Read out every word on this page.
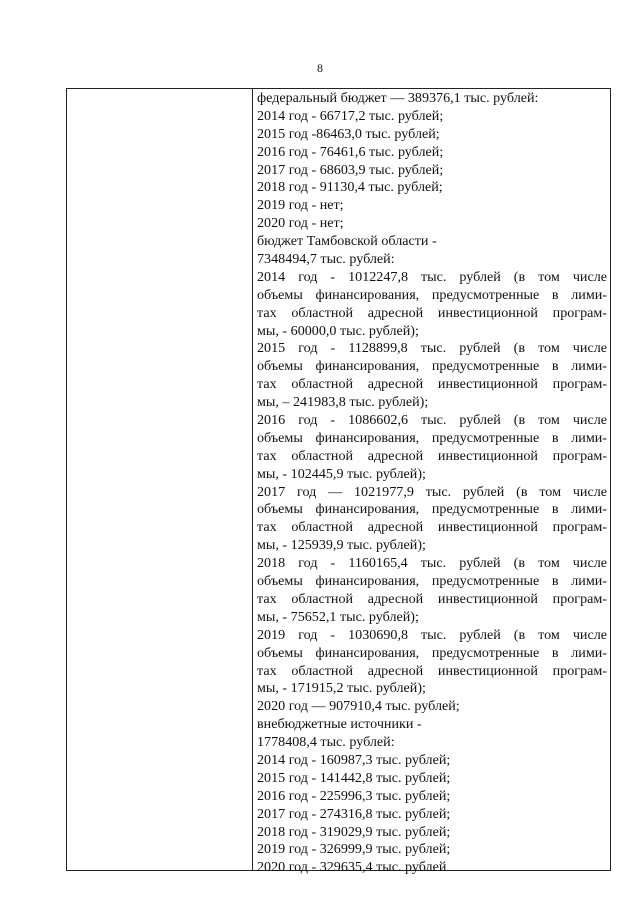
8
федеральный бюджет — 389376,1 тыс. рублей:
2014 год - 66717,2 тыс. рублей;
2015 год -86463,0 тыс. рублей;
2016 год - 76461,6 тыс. рублей;
2017 год - 68603,9 тыс. рублей;
2018 год - 91130,4 тыс. рублей;
2019 год - нет;
2020 год - нет;
бюджет Тамбовской области -
7348494,7 тыс. рублей:
2014 год - 1012247,8 тыс. рублей (в том числе
объемы финансирования, предусмотренные в лими-
тах областной адресной инвестиционной програм-
мы, - 60000,0 тыс. рублей);
2015 год - 1128899,8 тыс. рублей (в том числе
объемы финансирования, предусмотренные в лими-
тах областной адресной инвестиционной програм-
мы, – 241983,8 тыс. рублей);
2016 год - 1086602,6 тыс. рублей (в том числе
объемы финансирования, предусмотренные в лими-
тах областной адресной инвестиционной програм-
мы, - 102445,9 тыс. рублей);
2017 год — 1021977,9 тыс. рублей (в том числе
объемы финансирования, предусмотренные в лими-
тах областной адресной инвестиционной програм-
мы, - 125939,9 тыс. рублей);
2018 год - 1160165,4 тыс. рублей (в том числе
объемы финансирования, предусмотренные в лими-
тах областной адресной инвестиционной програм-
мы, - 75652,1 тыс. рублей);
2019 год - 1030690,8 тыс. рублей (в том числе
объемы финансирования, предусмотренные в лими-
тах областной адресной инвестиционной програм-
мы, - 171915,2 тыс. рублей);
2020 год — 907910,4 тыс. рублей;
внебюджетные источники -
1778408,4 тыс. рублей:
2014 год - 160987,3 тыс. рублей;
2015 год - 141442,8 тыс. рублей;
2016 год - 225996,3 тыс. рублей;
2017 год - 274316,8 тыс. рублей;
2018 год - 319029,9 тыс. рублей;
2019 год - 326999,9 тыс. рублей;
2020 год - 329635,4 тыс. рублей
